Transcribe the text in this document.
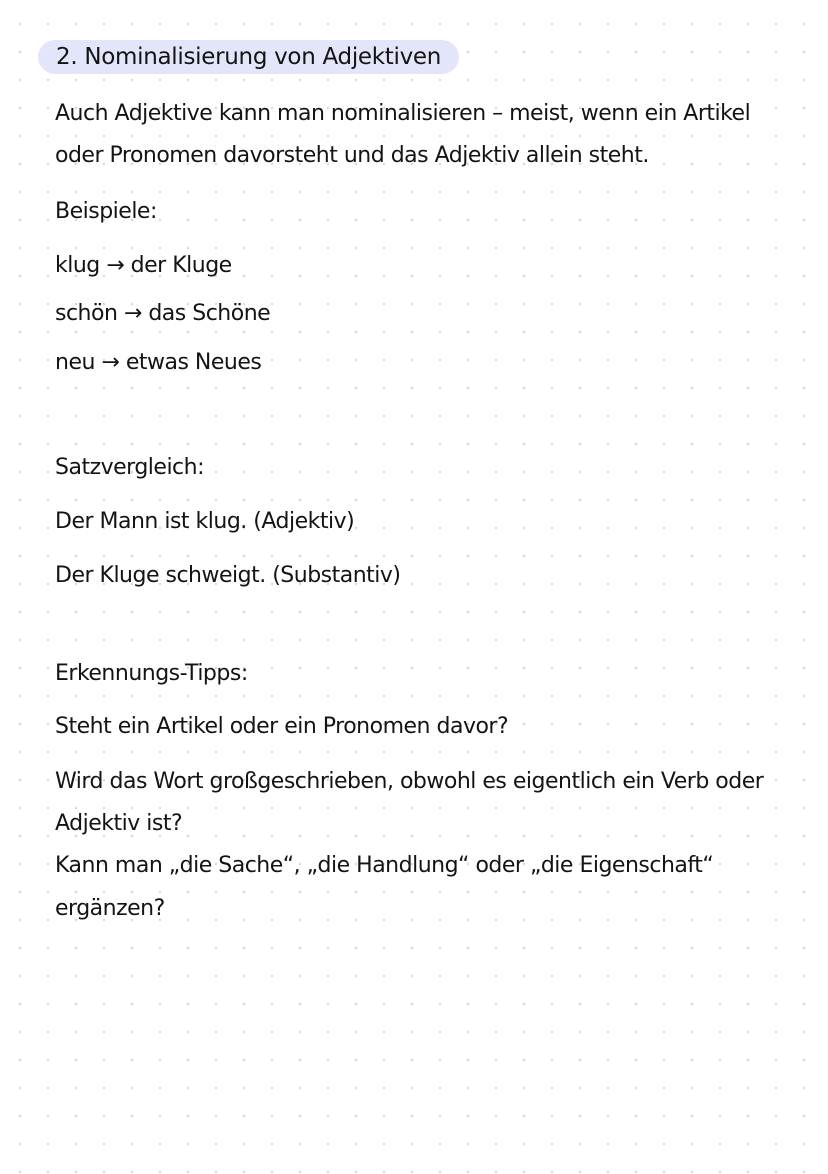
2. Nominalisierung von Adjektiven
Auch Adjektive kann man nominalisieren – meist, wenn ein Artikel
oder Pronomen davorsteht und das Adjektiv allein steht.
Beispiele:
klug → der Kluge
schön → das Schöne
neu → etwas Neues
Satzvergleich:
Der Mann ist klug. (Adjektiv)
Der Kluge schweigt. (Substantiv)
Erkennungs-Tipps:
Steht ein Artikel oder ein Pronomen davor?
Wird das Wort großgeschrieben, obwohl es eigentlich ein Verb oder
Adjektiv ist?
Kann man „die Sache“, „die Handlung“ oder „die Eigenschaft“
ergänzen?
